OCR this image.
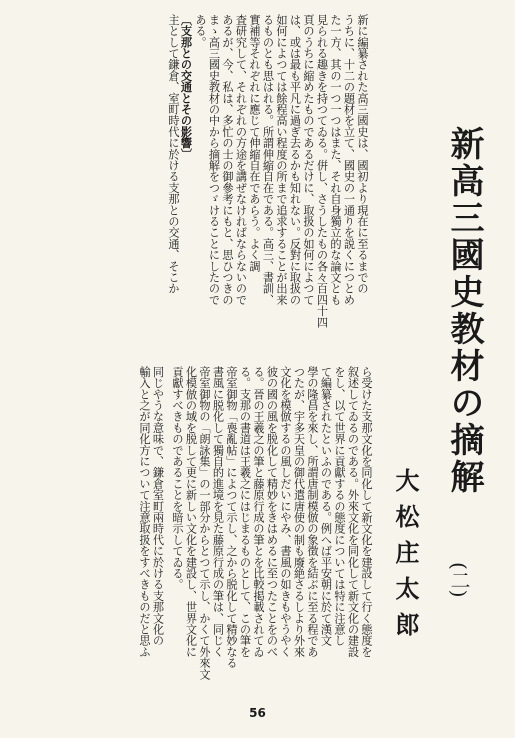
新高三國史教材の摘解
(二)
大松庄太郎
新に編纂された高三國史は、國初より現在に至るまでの
うちに、十二の題材を立て、國史の一通りを説くにつとめ
た一方、其の一つ一つはまた、それ自身獨立的な論文とも
見られる趣きを持つてゐる。倂し、さうしたもの各々百四十四
頁のうちに縮めたものであるだけに、取扱の如何によつて
は、或は最も平凡に過ぎ去るかも知れない。反對に取扱の
如何によつては餘程高い程度の所まで追求することが出来
るものとも思はれる。所謂伸縮自在である。高三、書訓、
實補等それぞれに應じて伸縮自在であらう。よく調
査研究して、それぞれの方途を講ぜなければならないので
あるが、今、私は、多忙の士の御參考にもと、思ひつきの
まゝ高三國史教材の中から摘解をつゞけることにしたので
ある。
〔支那との交通とその影響〕
主として鎌倉、室町時代に於ける支那との交通、そこか
ら受けた支那文化を同化して新文化を建設して行く態度を
叙述してゐるのである。外來文化を同化して新文化の建設
をし、以て世界に貢獻するの態度については特に注意し
て編纂されたといふのである。例へば平安朝に於て漢文
學の隆昌を來し、所謂唐制模倣の象徴を結ぶに至る程であ
つたが、宇多天皇の御代遣唐使の制も廢絶さるしより外來
文化を模倣するの風しだいにやみ、書風の如きもやうやく
彼の國の風を脱化して精妙をきはめるに至つたことをのべ
る。晉の王羲之の筆と藤原行成の筆とを比較掲載されてゐ
る。支那の書道は王羲之にはじまるものとして、この筆を
帝室御物「喪亂帖」によつて示し、之から脱化して精妙なる
書風に脱化して獨自的進境を見た藤原行成の筆は、同じく
帝室御物の「朗詠集」の一部分からとつて示し、かくて外來文
化模倣の域を脱して更に新しい文化を建設し、世界文化に
貢獻すべきものであることを暗示してゐる。
同じやうな意味で、鎌倉室町兩時代に於ける支那文化の
輸入と之が同化方について注意取扱をすべきものだと思ふ
56
